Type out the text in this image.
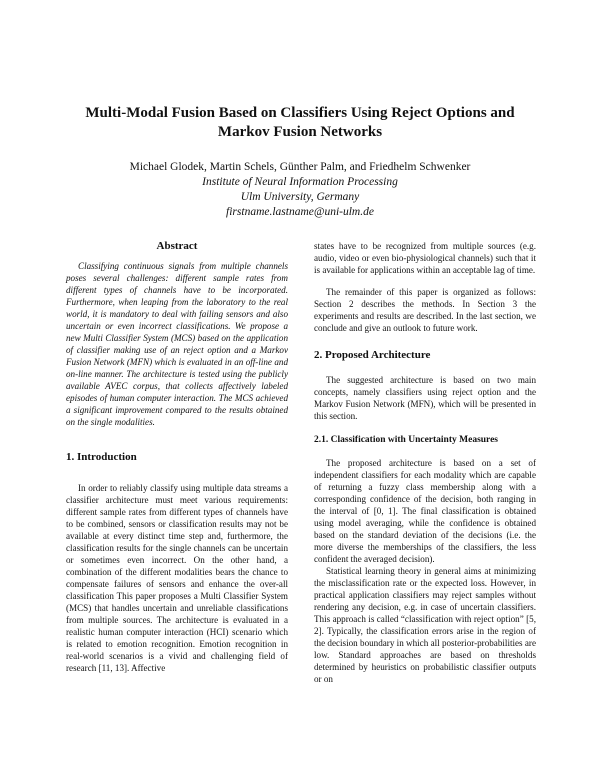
Multi-Modal Fusion Based on Classifiers Using Reject Options and
Markov Fusion Networks
Michael Glodek, Martin Schels, Günther Palm, and Friedhelm Schwenker
Institute of Neural Information Processing
Ulm University, Germany
firstname.lastname@uni-ulm.de
Abstract

Classifying continuous signals from multiple channels poses several challenges: different sample rates from different types of channels have to be incorporated. Furthermore, when leaping from the laboratory to the real world, it is mandatory to deal with failing sensors and also uncertain or even incorrect classifications. We propose a new Multi Classifier System (MCS) based on the application of classifier making use of an reject option and a Markov Fusion Network (MFN) which is evaluated in an off-line and on-line manner. The architecture is tested using the publicly available AVEC corpus, that collects affectively labeled episodes of human computer interaction. The MCS achieved a significant improvement compared to the results obtained on the single modalities.

1. Introduction

In order to reliably classify using multiple data streams a classifier architecture must meet various requirements: different sample rates from different types of channels have to be combined, sensors or classification results may not be available at every distinct time step and, furthermore, the classification results for the single channels can be uncertain or sometimes even incorrect. On the other hand, a combination of the different modalities bears the chance to compensate failures of sensors and enhance the over-all classification This paper proposes a Multi Classifier System (MCS) that handles uncertain and unreliable classifications from multiple sources. The architecture is evaluated in a realistic human computer interaction (HCI) scenario which is related to emotion recognition. Emotion recognition in real-world scenarios is a vivid and challenging field of research [11, 13]. Affective

states have to be recognized from multiple sources (e.g. audio, video or even bio-physiological channels) such that it is available for applications within an acceptable lag of time.

The remainder of this paper is organized as follows: Section 2 describes the methods. In Section 3 the experiments and results are described. In the last section, we conclude and give an outlook to future work.

2. Proposed Architecture

The suggested architecture is based on two main concepts, namely classifiers using reject option and the Markov Fusion Network (MFN), which will be presented in this section.

2.1. Classification with Uncertainty Measures

The proposed architecture is based on a set of independent classifiers for each modality which are capable of returning a fuzzy class membership along with a corresponding confidence of the decision, both ranging in the interval of [0, 1]. The final classification is obtained using model averaging, while the confidence is obtained based on the standard deviation of the decisions (i.e. the more diverse the memberships of the classifiers, the less confident the averaged decision).

Statistical learning theory in general aims at minimizing the misclassification rate or the expected loss. However, in practical application classifiers may reject samples without rendering any decision, e.g. in case of uncertain classifiers. This approach is called “classification with reject option” [5, 2]. Typically, the classification errors arise in the region of the decision boundary in which all posterior-probabilities are low. Standard approaches are based on thresholds determined by heuristics on probabilistic classifier outputs or on
